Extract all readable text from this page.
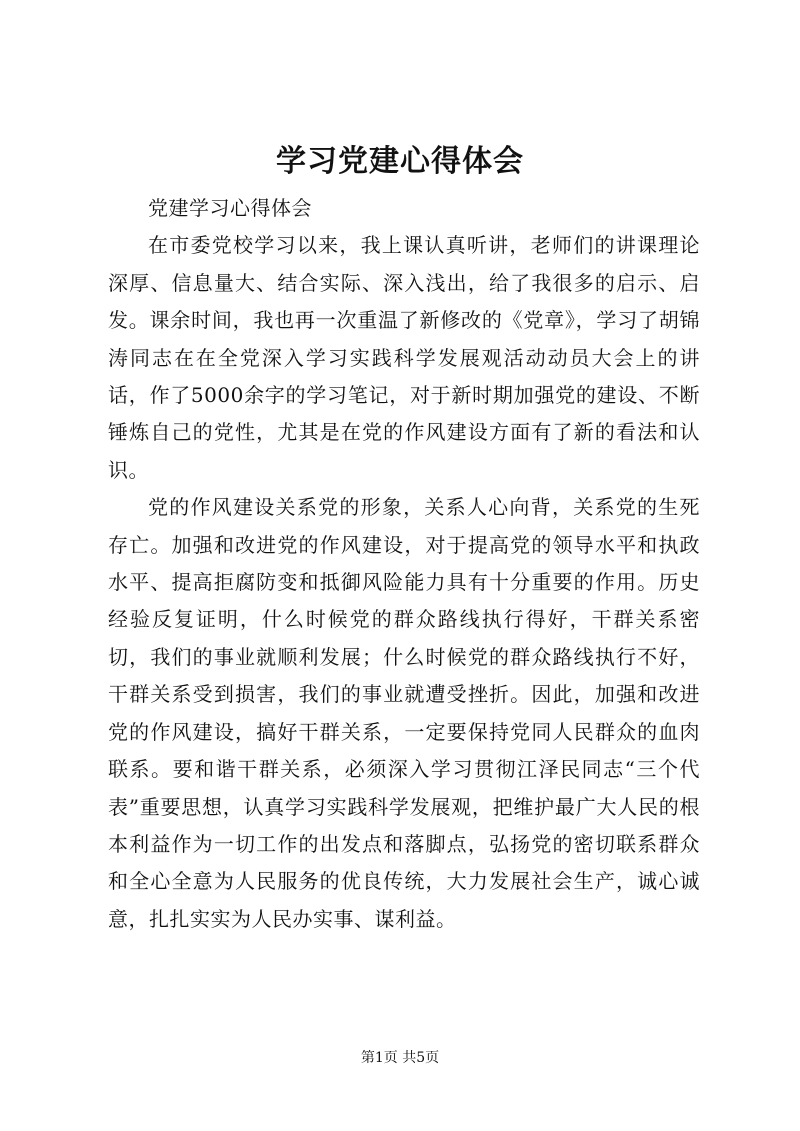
学习党建心得体会

党建学习心得体会

在市委党校学习以来，我上课认真听讲，老师们的讲课理论深厚、信息量大、结合实际、深入浅出，给了我很多的启示、启发。课余时间，我也再一次重温了新修改的《党章》，学习了胡锦涛同志在在全党深入学习实践科学发展观活动动员大会上的讲话，作了5000余字的学习笔记，对于新时期加强党的建设、不断锤炼自己的党性，尤其是在党的作风建设方面有了新的看法和认识。

党的作风建设关系党的形象，关系人心向背，关系党的生死存亡。加强和改进党的作风建设，对于提高党的领导水平和执政水平、提高拒腐防变和抵御风险能力具有十分重要的作用。历史经验反复证明，什么时候党的群众路线执行得好，干群关系密切，我们的事业就顺利发展；什么时候党的群众路线执行不好，干群关系受到损害，我们的事业就遭受挫折。因此，加强和改进党的作风建设，搞好干群关系，一定要保持党同人民群众的血肉联系。要和谐干群关系，必须深入学习贯彻江泽民同志“三个代表”重要思想，认真学习实践科学发展观，把维护最广大人民的根本利益作为一切工作的出发点和落脚点，弘扬党的密切联系群众和全心全意为人民服务的优良传统，大力发展社会生产，诚心诚意，扎扎实实为人民办实事、谋利益。

第1页 共5页
